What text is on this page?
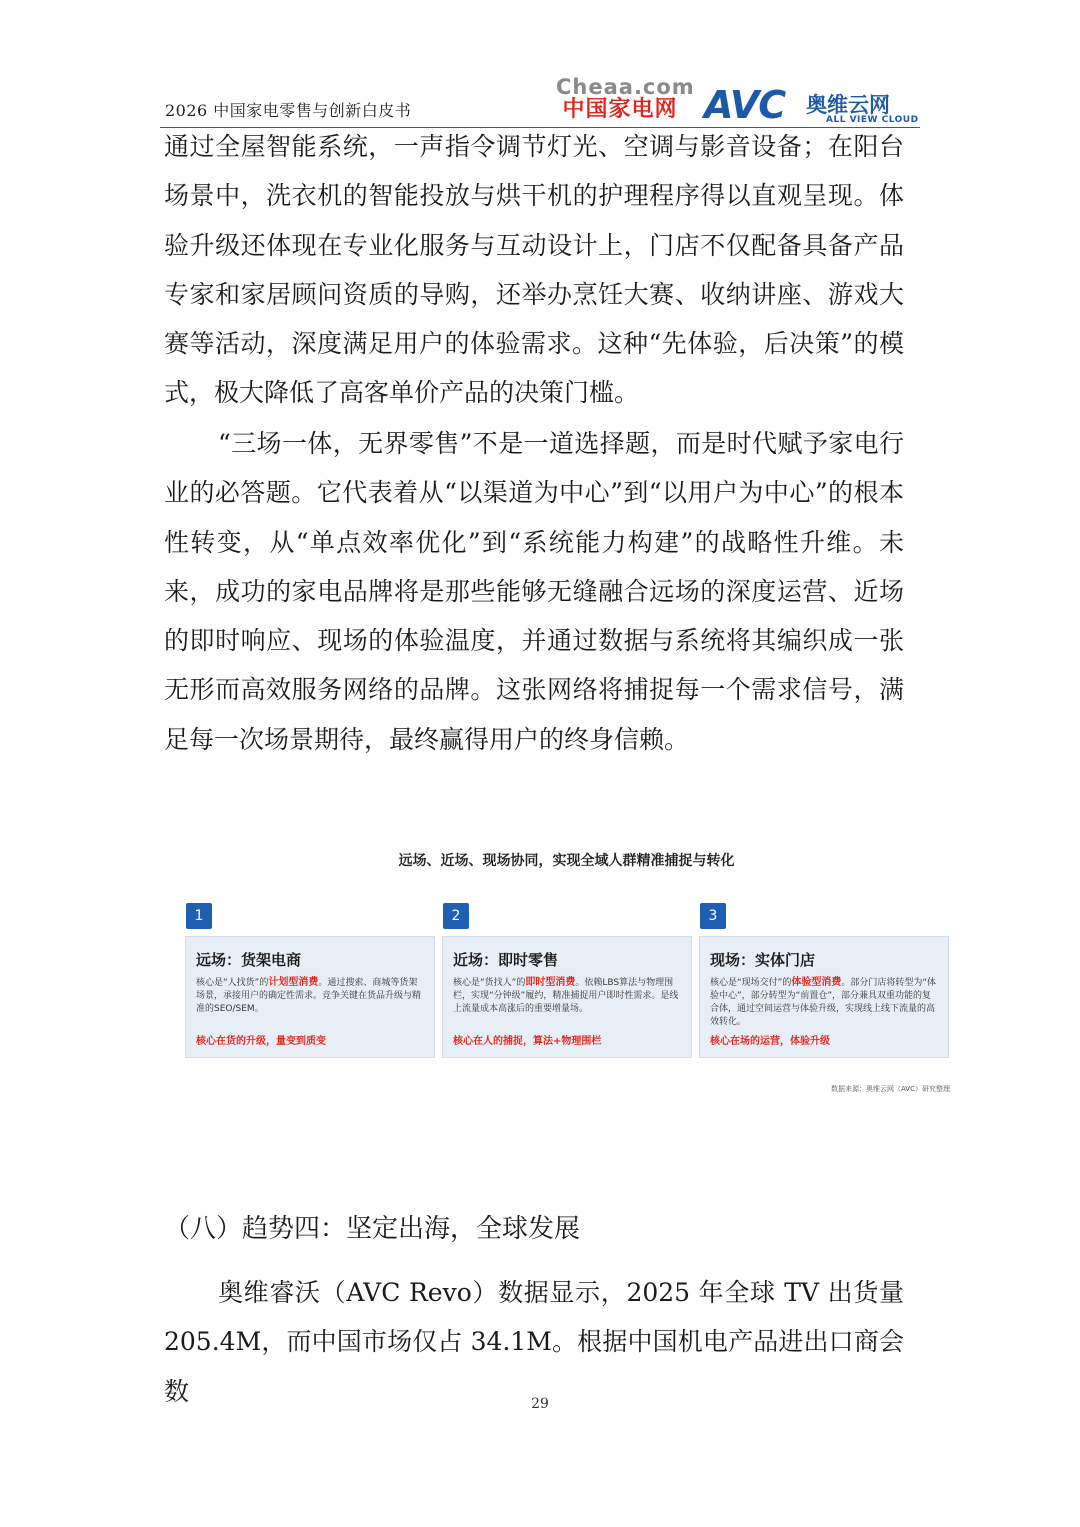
2026 中国家电零售与创新白皮书
Cheaa.com
中国家电网 AVC 奥维云网
ALL VIEW CLOUD
通过全屋智能系统，一声指令调节灯光、空调与影音设备；在阳台场景中，洗衣机的智能投放与烘干机的护理程序得以直观呈现。体验升级还体现在专业化服务与互动设计上，门店不仅配备具备产品专家和家居顾问资质的导购，还举办烹饪大赛、收纳讲座、游戏大赛等活动，深度满足用户的体验需求。这种“先体验，后决策”的模式，极大降低了高客单价产品的决策门槛。
“三场一体，无界零售”不是一道选择题，而是时代赋予家电行业的必答题。它代表着从“以渠道为中心”到“以用户为中心”的根本性转变，从“单点效率优化”到“系统能力构建”的战略性升维。未来，成功的家电品牌将是那些能够无缝融合远场的深度运营、近场的即时响应、现场的体验温度，并通过数据与系统将其编织成一张无形而高效服务网络的品牌。这张网络将捕捉每一个需求信号，满足每一次场景期待，最终赢得用户的终身信赖。
远场、近场、现场协同，实现全域人群精准捕捉与转化
1	2	3
远场：货架电商
核心是“人找货”的计划型消费。通过搜索、商城等货架场景，承接用户的确定性需求。竞争关键在货品升级与精准的SEO/SEM。
核心在货的升级，量变到质变
近场：即时零售
核心是“货找人”的即时型消费。依赖LBS算法与物理围栏，实现“分钟级”履约，精准捕捉用户即时性需求。是线上流量成本高涨后的重要增量场。
核心在人的捕捉，算法+物理围栏
现场：实体门店
核心是“现场交付”的体验型消费。部分门店将转型为“体验中心”，部分转型为“前置仓”，部分兼具双重功能的复合体，通过空间运营与体验升级，实现线上线下流量的高效转化。
核心在场的运营，体验升级
数据来源：奥维云网（AVC）研究整理
（八）趋势四：坚定出海，全球发展
奥维睿沃（AVC Revo）数据显示，2025 年全球 TV 出货量 205.4M，而中国市场仅占 34.1M。根据中国机电产品进出口商会数	29
